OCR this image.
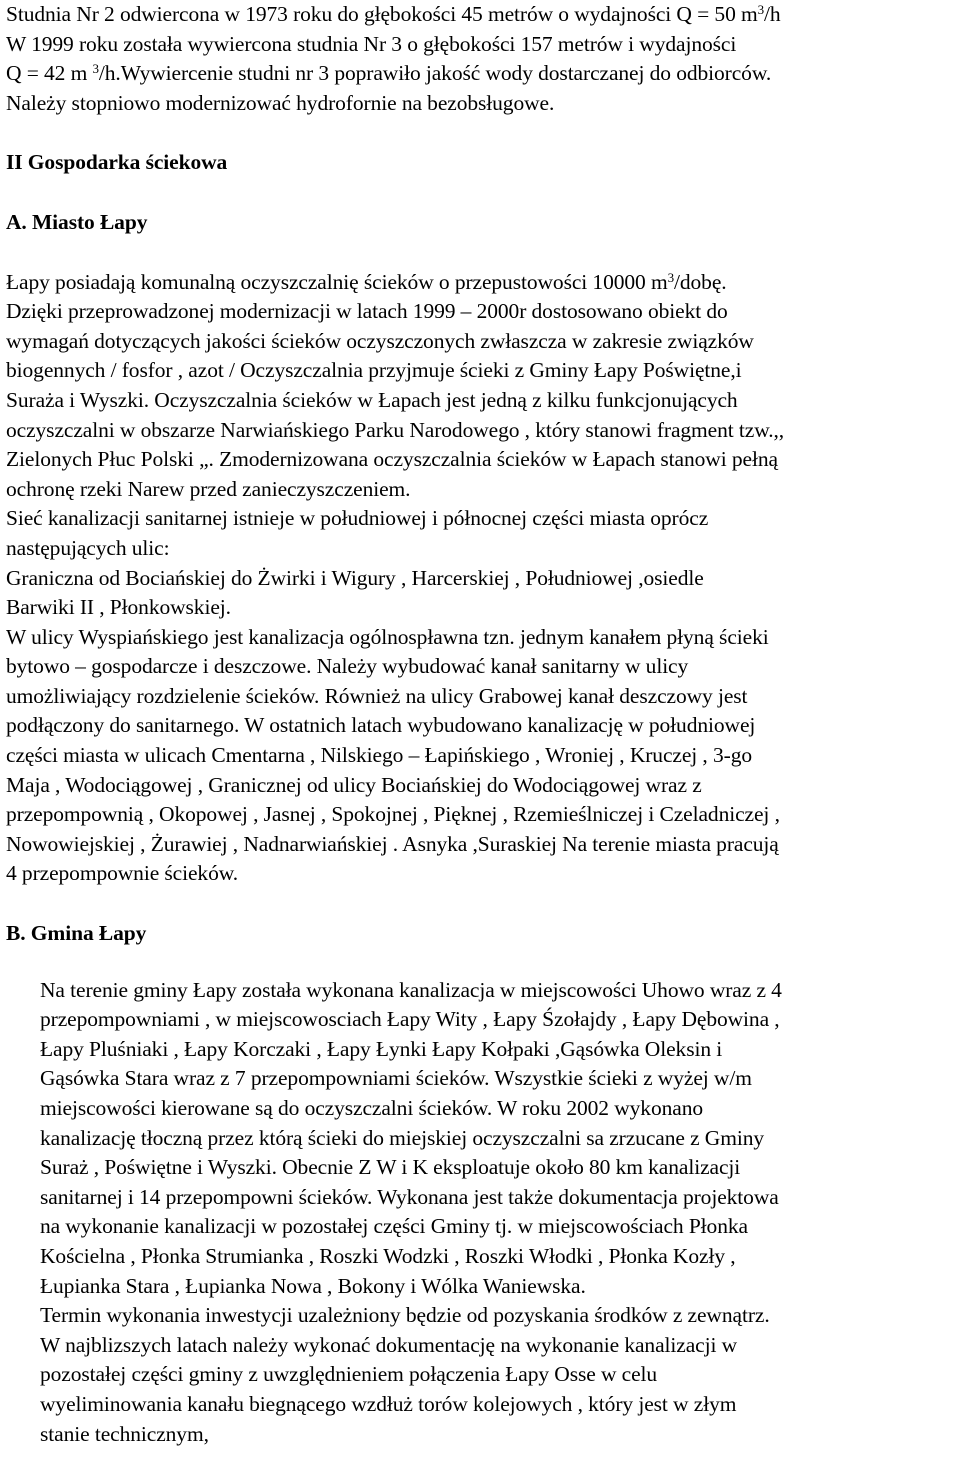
Studnia Nr 2 odwiercona w 1973 roku do głębokości 45 metrów o wydajności Q = 50 $m^3/h$
W 1999 roku została wywiercona studnia Nr 3 o głębokości 157 metrów i wydajności
Q = 42 m $^3$/h.Wywiercenie studni nr 3 poprawiło jakość wody dostarczanej do odbiorców.
Należy stopniowo modernizować hydrofornie na bezobsługowe.
II Gospodarka ściekowa
A. Miasto Łapy
Łapy posiadają komunalną oczyszczalnię ścieków o przepustowości 10000 $m^3$/dobę.
Dzięki przeprowadzonej modernizacji w latach 1999 – 2000r dostosowano obiekt do
wymagań dotyczących jakości ścieków oczyszczonych zwłaszcza w zakresie związków
biogennych / fosfor , azot / Oczyszczalnia przyjmuje ścieki z Gminy Łapy Poświętne,i
Suraża i Wyszki. Oczyszczalnia ścieków w Łapach jest jedną z kilku funkcjonujących
oczyszczalni w obszarze Narwiańskiego Parku Narodowego , który stanowi fragment tzw.,,
Zielonych Płuc Polski „. Zmodernizowana oczyszczalnia ścieków w Łapach stanowi pełną
ochronę rzeki Narew przed zanieczyszczeniem.
Sieć kanalizacji sanitarnej istnieje w południowej i północnej części miasta oprócz
następujących ulic:
Graniczna od Bociańskiej do Żwirki i Wigury , Harcerskiej , Południowej ,osiedle
Barwiki II , Płonkowskiej.
W ulicy Wyspiańskiego jest kanalizacja ogólnospławna tzn. jednym kanałem płyną ścieki
bytowo – gospodarcze i deszczowe. Należy wybudować kanał sanitarny w ulicy
umożliwiający rozdzielenie ścieków. Również na ulicy Grabowej kanał deszczowy jest
podłączony do sanitarnego. W ostatnich latach wybudowano kanalizację w południowej
części miasta w ulicach Cmentarna , Nilskiego – Łapińskiego , Wroniej , Kruczej , 3-go
Maja , Wodociągowej , Granicznej od ulicy Bociańskiej do Wodociągowej wraz z
przepompownią , Okopowej , Jasnej , Spokojnej , Pięknej , Rzemieślniczej i Czeladniczej ,
Nowowiejskiej , Żurawiej , Nadnarwiańskiej . Asnyka ,Suraskiej Na terenie miasta pracują
4 przepompownie ścieków.
B. Gmina Łapy
Na terenie gminy Łapy została wykonana kanalizacja w miejscowości Uhowo wraz z 4
przepompowniami , w miejscowosciach Łapy Wity , Łapy Śzołajdy , Łapy Dębowina ,
Łapy Pluśniaki , Łapy Korczaki , Łapy Łynki Łapy Kołpaki ,Gąsówka Oleksin i
Gąsówka Stara wraz z 7 przepompowniami ścieków. Wszystkie ścieki z wyżej w/m
miejscowości kierowane są do oczyszczalni ścieków. W roku 2002 wykonano
kanalizację tłoczną przez którą ścieki do miejskiej oczyszczalni sa zrzucane z Gminy
Suraż , Poświętne i Wyszki. Obecnie Z W i K eksploatuje około 80 km kanalizacji
sanitarnej i 14 przepompowni ścieków. Wykonana jest także dokumentacja projektowa
na wykonanie kanalizacji w pozostałej części Gminy tj. w miejscowościach Płonka
Kościelna , Płonka Strumianka , Roszki Wodzki , Roszki Włodki , Płonka Kozły ,
Łupianka Stara , Łupianka Nowa , Bokony i Wólka Waniewska.
Termin wykonania inwestycji uzależniony będzie od pozyskania środków z zewnątrz.
W najblizszych latach należy wykonać dokumentację na wykonanie kanalizacji w
pozostałej części gminy z uwzględnieniem połączenia Łapy Osse w celu
wyeliminowania kanału biegnącego wzdłuż torów kolejowych , który jest w złym
stanie technicznym,
